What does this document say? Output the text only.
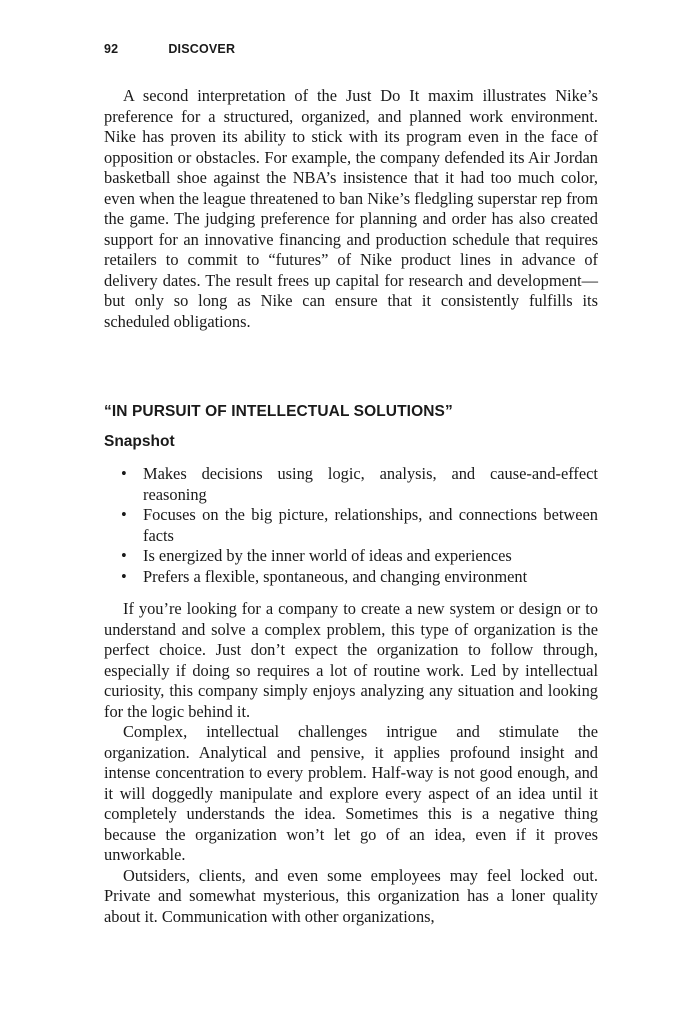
92	DISCOVER

A second interpretation of the Just Do It maxim illustrates Nike’s preference for a structured, organized, and planned work environment. Nike has proven its ability to stick with its program even in the face of opposition or obstacles. For example, the company defended its Air Jordan basketball shoe against the NBA’s insistence that it had too much color, even when the league threatened to ban Nike’s fledgling superstar rep from the game. The judging preference for planning and order has also created support for an innovative financing and production schedule that requires retailers to commit to “futures” of Nike product lines in advance of delivery dates. The result frees up capital for research and development—but only so long as Nike can ensure that it consistently fulfills its scheduled obligations.

“IN PURSUIT OF INTELLECTUAL SOLUTIONS”
Snapshot
• Makes decisions using logic, analysis, and cause-and-effect reasoning
• Focuses on the big picture, relationships, and connections between facts
• Is energized by the inner world of ideas and experiences
• Prefers a flexible, spontaneous, and changing environment

If you’re looking for a company to create a new system or design or to understand and solve a complex problem, this type of organization is the perfect choice. Just don’t expect the organization to follow through, especially if doing so requires a lot of routine work. Led by intellectual curiosity, this company simply enjoys analyzing any situation and looking for the logic behind it.

Complex, intellectual challenges intrigue and stimulate the organization. Analytical and pensive, it applies profound insight and intense concentration to every problem. Half-way is not good enough, and it will doggedly manipulate and explore every aspect of an idea until it completely understands the idea. Sometimes this is a negative thing because the organization won’t let go of an idea, even if it proves unworkable.

Outsiders, clients, and even some employees may feel locked out. Private and somewhat mysterious, this organization has a loner quality about it. Communication with other organizations,
